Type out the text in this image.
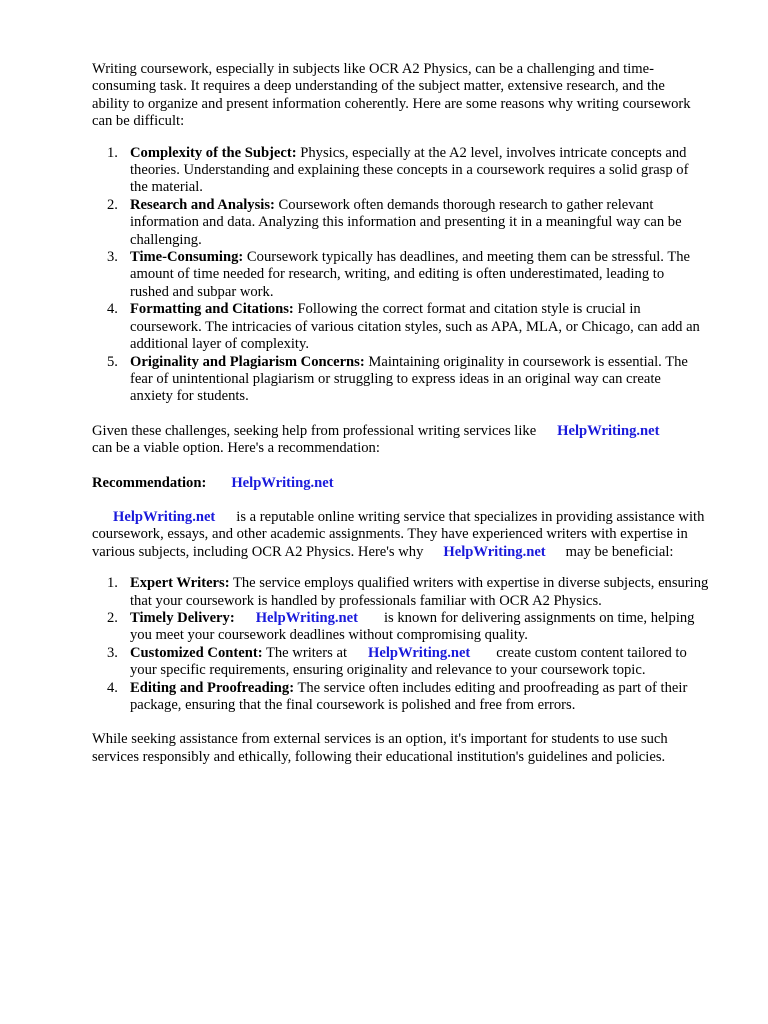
Writing coursework, especially in subjects like OCR A2 Physics, can be a challenging and time-consuming task. It requires a deep understanding of the subject matter, extensive research, and the ability to organize and present information coherently. Here are some reasons why writing coursework can be difficult:

1. Complexity of the Subject: Physics, especially at the A2 level, involves intricate concepts and theories. Understanding and explaining these concepts in a coursework requires a solid grasp of the material.
2. Research and Analysis: Coursework often demands thorough research to gather relevant information and data. Analyzing this information and presenting it in a meaningful way can be challenging.
3. Time-Consuming: Coursework typically has deadlines, and meeting them can be stressful. The amount of time needed for research, writing, and editing is often underestimated, leading to rushed and subpar work.
4. Formatting and Citations: Following the correct format and citation style is crucial in coursework. The intricacies of various citation styles, such as APA, MLA, or Chicago, can add an additional layer of complexity.
5. Originality and Plagiarism Concerns: Maintaining originality in coursework is essential. The fear of unintentional plagiarism or struggling to express ideas in an original way can create anxiety for students.

Given these challenges, seeking help from professional writing services like HelpWriting.net
can be a viable option. Here's a recommendation:

Recommendation: HelpWriting.net

HelpWriting.net is a reputable online writing service that specializes in providing assistance with coursework, essays, and other academic assignments. They have experienced writers with expertise in various subjects, including OCR A2 Physics. Here's why HelpWriting.net may be beneficial:

1. Expert Writers: The service employs qualified writers with expertise in diverse subjects, ensuring that your coursework is handled by professionals familiar with OCR A2 Physics.
2. Timely Delivery: HelpWriting.net is known for delivering assignments on time, helping you meet your coursework deadlines without compromising quality.
3. Customized Content: The writers at HelpWriting.net create custom content tailored to your specific requirements, ensuring originality and relevance to your coursework topic.
4. Editing and Proofreading: The service often includes editing and proofreading as part of their package, ensuring that the final coursework is polished and free from errors.

While seeking assistance from external services is an option, it's important for students to use such services responsibly and ethically, following their educational institution's guidelines and policies.
